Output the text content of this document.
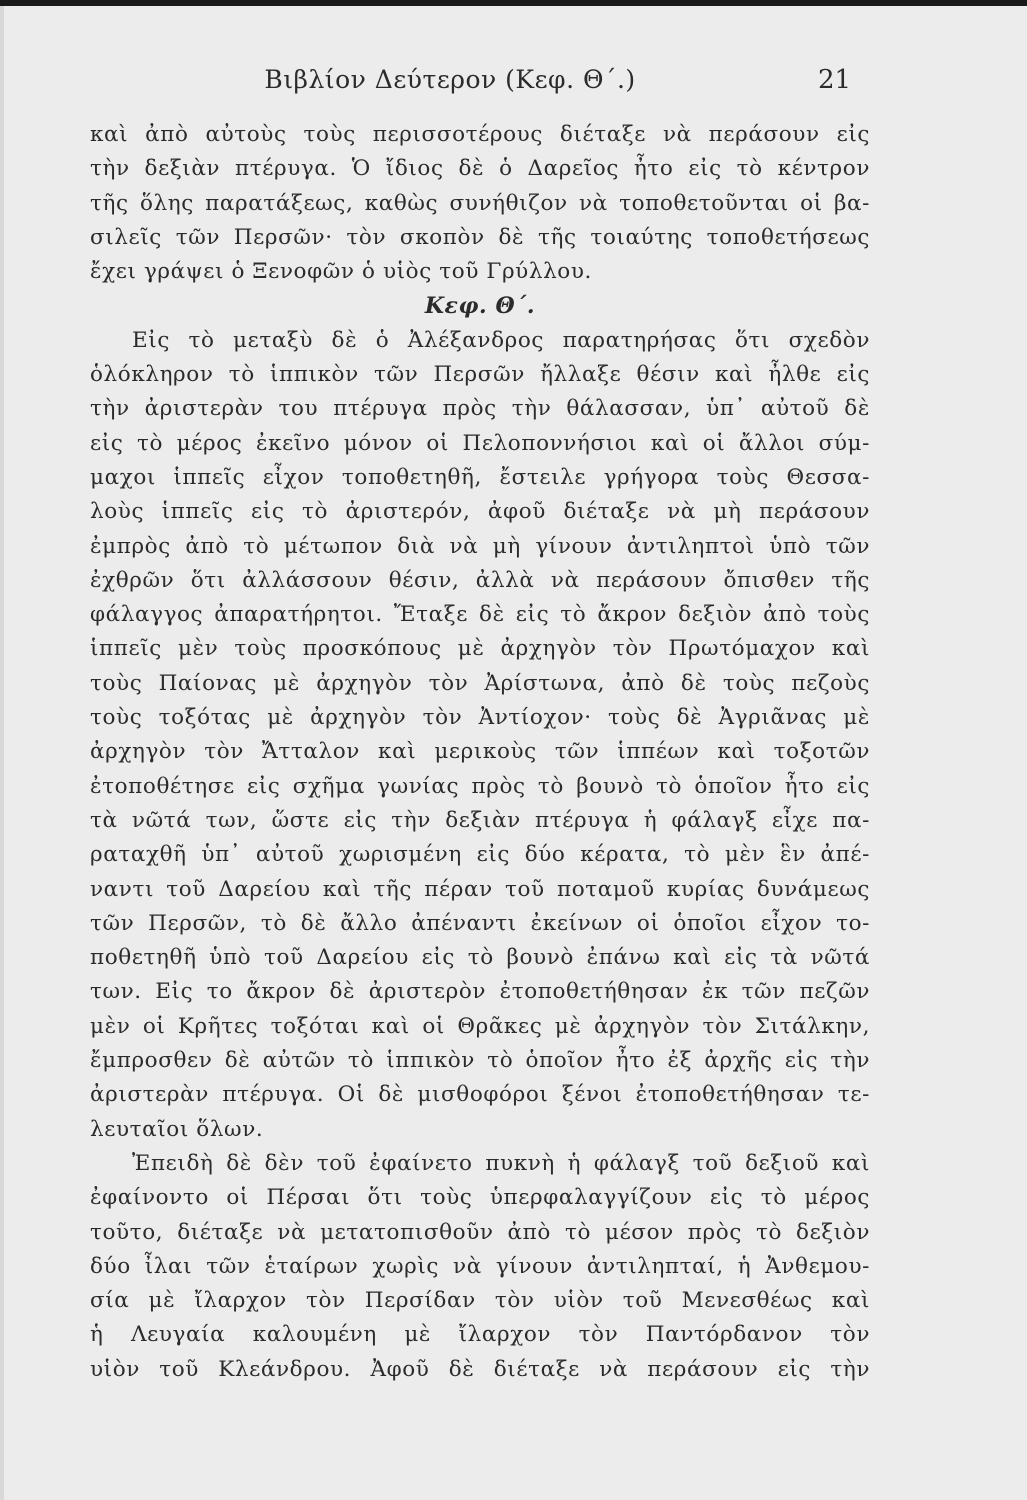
Βιβλίον Δεύτερον (Κεφ. Θ΄.)	21
καὶ ἀπὸ αὐτοὺς τοὺς περισσοτέρους διέταξε νὰ περάσουν εἰς
τὴν δεξιὰν πτέρυγα. Ὁ ἴδιος δὲ ὁ Δαρεῖος ἦτο εἰς τὸ κέντρον
τῆς ὅλης παρατάξεως, καθὼς συνήθιζον νὰ τοποθετοῦνται οἱ βα-
σιλεῖς τῶν Περσῶν· τὸν σκοπὸν δὲ τῆς τοιαύτης τοποθετήσεως
ἔχει γράψει ὁ Ξενοφῶν ὁ υἱὸς τοῦ Γρύλλου.
Κεφ. Θ΄.
Εἰς τὸ μεταξὺ δὲ ὁ Ἀλέξανδρος παρατηρήσας ὅτι σχεδὸν
ὁλόκληρον τὸ ἱππικὸν τῶν Περσῶν ἤλλαξε θέσιν καὶ ἦλθε εἰς
τὴν ἀριστερὰν του πτέρυγα πρὸς τὴν θάλασσαν, ὑπ᾽ αὐτοῦ δὲ
εἰς τὸ μέρος ἐκεῖνο μόνον οἱ Πελοποννήσιοι καὶ οἱ ἄλλοι σύμ-
μαχοι ἱππεῖς εἶχον τοποθετηθῆ, ἔστειλε γρήγορα τοὺς Θεσσα-
λοὺς ἱππεῖς εἰς τὸ ἀριστερόν, ἀφοῦ διέταξε νὰ μὴ περάσουν
ἐμπρὸς ἀπὸ τὸ μέτωπον διὰ νὰ μὴ γίνουν ἀντιληπτοὶ ὑπὸ τῶν
ἐχθρῶν ὅτι ἀλλάσσουν θέσιν, ἀλλὰ νὰ περάσουν ὄπισθεν τῆς
φάλαγγος ἀπαρατήρητοι. Ἔταξε δὲ εἰς τὸ ἄκρον δεξιὸν ἀπὸ τοὺς
ἱππεῖς μὲν τοὺς προσκόπους μὲ ἀρχηγὸν τὸν Πρωτόμαχον καὶ
τοὺς Παίονας μὲ ἀρχηγὸν τὸν Ἀρίστωνα, ἀπὸ δὲ τοὺς πεζοὺς
τοὺς τοξότας μὲ ἀρχηγὸν τὸν Ἀντίοχον· τοὺς δὲ Ἀγριᾶνας μὲ
ἀρχηγὸν τὸν Ἄτταλον καὶ μερικοὺς τῶν ἱππέων καὶ τοξοτῶν
ἐτοποθέτησε εἰς σχῆμα γωνίας πρὸς τὸ βουνὸ τὸ ὁποῖον ἦτο εἰς
τὰ νῶτά των, ὥστε εἰς τὴν δεξιὰν πτέρυγα ἡ φάλαγξ εἶχε πα-
ραταχθῆ ὑπ᾽ αὐτοῦ χωρισμένη εἰς δύο κέρατα, τὸ μὲν ἓν ἀπέ-
ναντι τοῦ Δαρείου καὶ τῆς πέραν τοῦ ποταμοῦ κυρίας δυνάμεως
τῶν Περσῶν, τὸ δὲ ἄλλο ἀπέναντι ἐκείνων οἱ ὁποῖοι εἶχον το-
ποθετηθῆ ὑπὸ τοῦ Δαρείου εἰς τὸ βουνὸ ἐπάνω καὶ εἰς τὰ νῶτά
των. Εἰς το ἄκρον δὲ ἀριστερὸν ἐτοποθετήθησαν ἐκ τῶν πεζῶν
μὲν οἱ Κρῆτες τοξόται καὶ οἱ Θρᾶκες μὲ ἀρχηγὸν τὸν Σιτάλκην,
ἔμπροσθεν δὲ αὐτῶν τὸ ἱππικὸν τὸ ὁποῖον ἦτο ἐξ ἀρχῆς εἰς τὴν
ἀριστερὰν πτέρυγα. Οἱ δὲ μισθοφόροι ξένοι ἐτοποθετήθησαν τε-
λευταῖοι ὅλων.
Ἐπειδὴ δὲ δὲν τοῦ ἐφαίνετο πυκνὴ ἡ φάλαγξ τοῦ δεξιοῦ καὶ
ἐφαίνοντο οἱ Πέρσαι ὅτι τοὺς ὑπερφαλαγγίζουν εἰς τὸ μέρος
τοῦτο, διέταξε νὰ μετατοπισθοῦν ἀπὸ τὸ μέσον πρὸς τὸ δεξιὸν
δύο ἶλαι τῶν ἑταίρων χωρὶς νὰ γίνουν ἀντιληπταί, ἡ Ἀνθεμου-
σία μὲ ἴλαρχον τὸν Περσίδαν τὸν υἱὸν τοῦ Μενεσθέως καὶ
ἡ Λευγαία καλουμένη μὲ ἴλαρχον τὸν Παντόρδανον τὸν
υἱὸν τοῦ Κλεάνδρου. Ἀφοῦ δὲ διέταξε νὰ περάσουν εἰς τὴν
